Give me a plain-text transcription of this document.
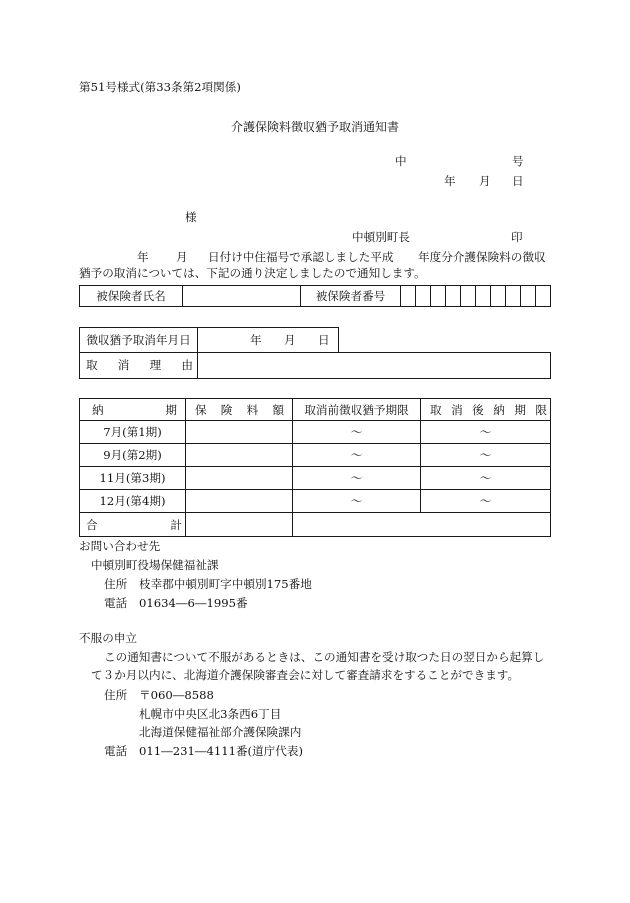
第51号様式(第33条第2項関係)
介護保険料徴収猶予取消通知書
中	号
年 月 日
様
中頓別町長	印
年 月 日付け中住福号で承認しました平成 年度分介護保険料の徴収
猶予の取消については、下記の通り決定しましたので通知します。
被保険者氏名		被保険者番号										
徴収猶予取消年月日	年 月 日
取消理由
納期	保険料額	取消前徴収猶予期限	取消後納期限
7月(第1期)		～	～
9月(第2期)		～	～
11月(第3期)		～	～
12月(第4期)		～	～
合計			
お問い合わせ先
中頓別町役場保健福祉課
住所 枝幸郡中頓別町字中頓別175番地
電話 01634―6―1995番
不服の申立
この通知書について不服があるときは、この通知書を受け取つた日の翌日から起算し
て３か月以内に、北海道介護保険審査会に対して審査請求をすることができます。
住所 〒060―8588
札幌市中央区北3条西6丁目
北海道保健福祉部介護保険課内
電話 011―231―4111番(道庁代表)
